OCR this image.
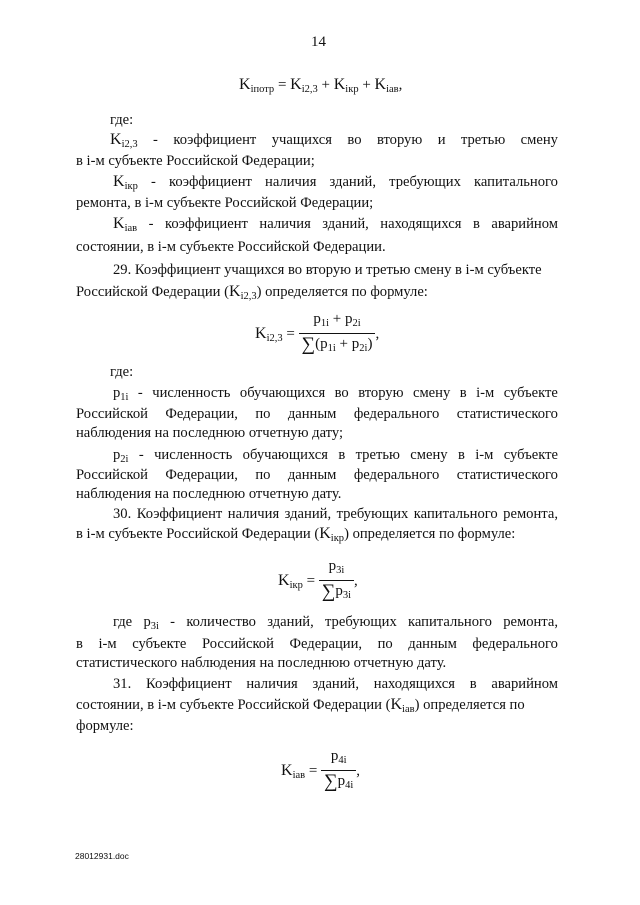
14
$K_{iпотр} = K_{i2,3} + K_{iкр} + K_{iав}$,
где:
$K_{i2,3}$ - коэффициент учащихся во вторую и третью смену
в i-м субъекте Российской Федерации;
$K_{iкр}$ - коэффициент наличия зданий, требующих капитального
ремонта, в i-м субъекте Российской Федерации;
$K_{iав}$ - коэффициент наличия зданий, находящихся в аварийном
состоянии, в i-м субъекте Российской Федерации.
29. Коэффициент учащихся во вторую и третью смену в i-м субъекте
Российской Федерации $(K_{i2,3})$ определяется по формуле:
$K_{i2,3} = \frac{p_{1i} + p_{2i}}{\sum(p_{1i} + p_{2i})}$ ,
где:
$p_{1i}$ - численность обучающихся во вторую смену в i-м субъекте
Российской Федерации, по данным федерального статистического
наблюдения на последнюю отчетную дату;
$p_{2i}$ - численность обучающихся в третью смену в i-м субъекте
Российской Федерации, по данным федерального статистического
наблюдения на последнюю отчетную дату.
30. Коэффициент наличия зданий, требующих капитального ремонта,
в i-м субъекте Российской Федерации $(K_{iкр})$ определяется по формуле:
$K_{iкр} = \frac{p_{3i}}{\sum p_{3i}}$ ,
где $p_{3i}$ - количество зданий, требующих капитального ремонта,
в i-м субъекте Российской Федерации, по данным федерального
статистического наблюдения на последнюю отчетную дату.
31. Коэффициент наличия зданий, находящихся в аварийном
состоянии, в i-м субъекте Российской Федерации $(K_{iав})$ определяется по
формуле:
$K_{iав} = \frac{p_{4i}}{\sum p_{4i}}$ ,
28012931.doc
